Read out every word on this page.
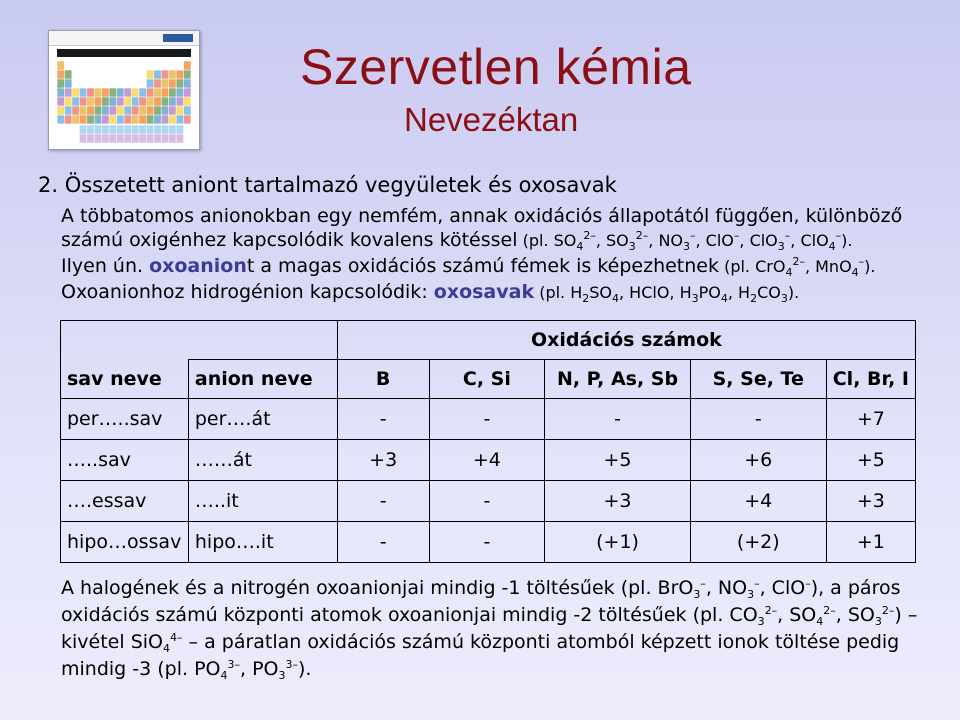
Szervetlen kémia
Nevezéktan
2. Összetett aniont tartalmazó vegyületek és oxosavak
A többatomos anionokban egy nemfém, annak oxidációs állapotától függően, különböző
számú oxigénhez kapcsolódik kovalens kötéssel (pl. $SO_4^{2-}$, $SO_3^{2-}$, $NO_3^-$, ClO–, ClO$_3$–, ClO$_4$–).
Ilyen ún. oxoaniont a magas oxidációs számú fémek is képezhetnek (pl. CrO$_4^{2-}$, MnO$_4$–).
Oxoanionhoz hidrogénion kapcsolódik: oxosavak (pl. $H_2SO_4$, HClO, $H_3PO_4$, $H_2CO_3$).
		Oxidációs számok				
sav neve	anion neve	B	C, Si	N, P, As, Sb	S, Se, Te	Cl, Br, I
per…..sav	per….át	-	-	-	-	+7
…..sav	……át	+3	+4	+5	+6	+5
….essav	…..it	-	-	+3	+4	+3
hipo…ossav	hipo….it	-	-	(+1)	(+2)	+1
A halogének és a nitrogén oxoanionjai mindig -1 töltésűek (pl. BrO$_3$–, $NO_3^-$, ClO–), a páros
oxidációs számú központi atomok oxoanionjai mindig -2 töltésűek (pl. $CO_3^{2-}$, $SO_4^{2-}$, $SO_3^{2-}$) –
kivétel SiO$_4^{4-}$ – a páratlan oxidációs számú központi atomból képzett ionok töltése pedig
mindig -3 (pl. $PO_4^{3-}$, $PO_3^{3-}$).
